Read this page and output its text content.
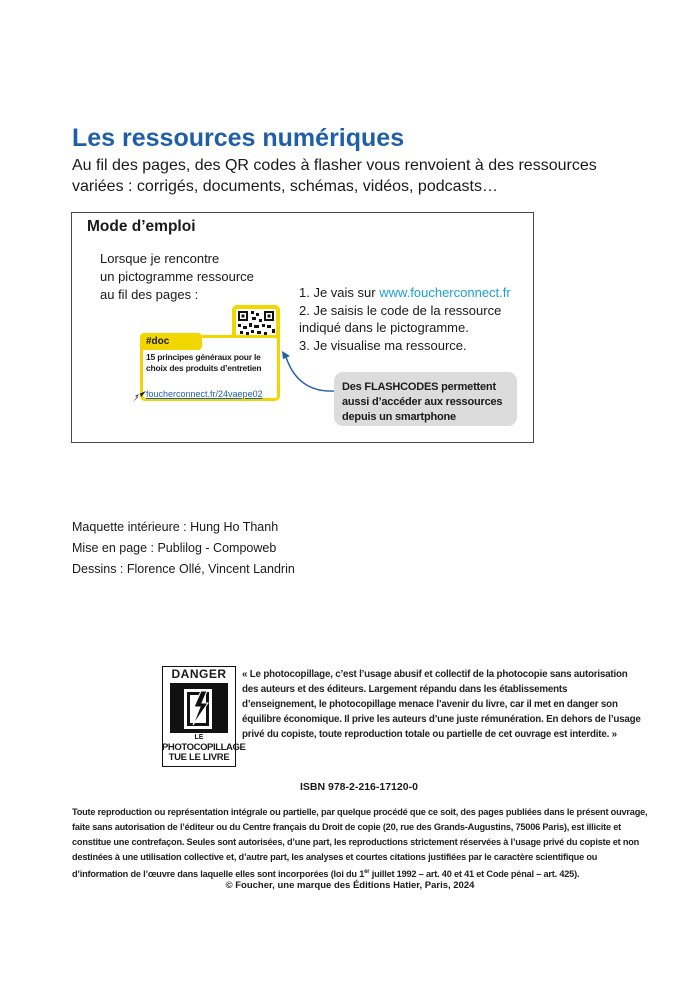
Les ressources numériques
Au fil des pages, des QR codes à flasher vous renvoient à des ressources variées : corrigés, documents, schémas, vidéos, podcasts…
Mode d’emploi
Lorsque je rencontre
un pictogramme ressource
au fil des pages :	1. Je vais sur www.foucherconnect.fr
2. Je saisis le code de la ressource indiqué dans le pictogramme.
3. Je visualise ma ressource.
#doc
15 principes généraux pour le choix des produits d’entretien
foucherconnect.fr/24vaepe02
Des FLASHCODES permettent aussi d’accéder aux ressources depuis un smartphone
Maquette intérieure : Hung Ho Thanh
Mise en page : Publilog - Compoweb
Dessins : Florence Ollé, Vincent Landrin
DANGER
LE
PHOTOCOPILLAGE
TUE LE LIVRE
« Le photocopillage, c’est l’usage abusif et collectif de la photocopie sans autorisation des auteurs et des éditeurs. Largement répandu dans les établissements d’enseignement, le photocopillage menace l’avenir du livre, car il met en danger son équilibre économique. Il prive les auteurs d’une juste rémunération. En dehors de l’usage privé du copiste, toute reproduction totale ou partielle de cet ouvrage est interdite. »
ISBN 978-2-216-17120-0
Toute reproduction ou représentation intégrale ou partielle, par quelque procédé que ce soit, des pages publiées dans le présent ouvrage, faite sans autorisation de l’éditeur ou du Centre français du Droit de copie (20, rue des Grands-Augustins, 75006 Paris), est illicite et constitue une contrefaçon. Seules sont autorisées, d’une part, les reproductions strictement réservées à l’usage privé du copiste et non destinées à une utilisation collective et, d’autre part, les analyses et courtes citations justifiées par le caractère scientifique ou d’information de l’œuvre dans laquelle elles sont incorporées (loi du 1er juillet 1992 – art. 40 et 41 et Code pénal – art. 425).
© Foucher, une marque des Éditions Hatier, Paris, 2024
